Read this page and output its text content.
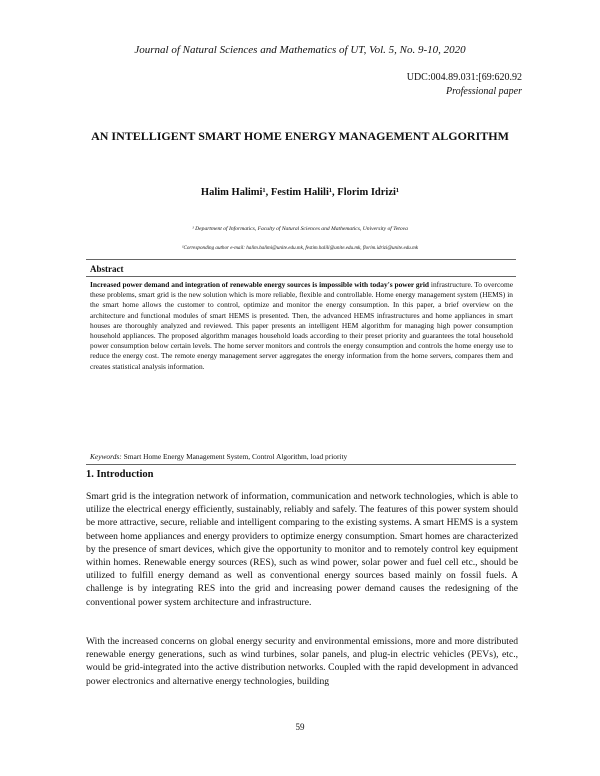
Journal of Natural Sciences and Mathematics of UT, Vol. 5, No. 9-10, 2020
UDC:004.89.031:[69:620.92
Professional paper
AN INTELLIGENT SMART HOME ENERGY MANAGEMENT ALGORITHM
Halim Halimi¹, Festim Halili¹, Florim Idrizi¹
¹ Department of Informatics, Faculty of Natural Sciences and Mathematics, University of Tetova
¹Corresponding author e-mail: halim.halimi@unite.edu.mk, festim.halili@unite.edu.mk, florim.idrizi@unite.edu.mk
Abstract

Increased power demand and integration of renewable energy sources is impossible with today's power grid infrastructure. To overcome these problems, smart grid is the new solution which is more reliable, flexible and controllable. Home energy management system (HEMS) in the smart home allows the customer to control, optimize and monitor the energy consumption. In this paper, a brief overview on the architecture and functional modules of smart HEMS is presented. Then, the advanced HEMS infrastructures and home appliances in smart houses are thoroughly analyzed and reviewed. This paper presents an intelligent HEM algorithm for managing high power consumption household appliances. The proposed algorithm manages household loads according to their preset priority and guarantees the total household power consumption below certain levels. The home server monitors and controls the energy consumption and controls the home energy use to reduce the energy cost. The remote energy management server aggregates the energy information from the home servers, compares them and creates statistical analysis information.

Keywords: Smart Home Energy Management System, Control Algorithm, load priority
1. Introduction

Smart grid is the integration network of information, communication and network technologies, which is able to utilize the electrical energy efficiently, sustainably, reliably and safely. The features of this power system should be more attractive, secure, reliable and intelligent comparing to the existing systems. A smart HEMS is a system between home appliances and energy providers to optimize energy consumption. Smart homes are characterized by the presence of smart devices, which give the opportunity to monitor and to remotely control key equipment within homes. Renewable energy sources (RES), such as wind power, solar power and fuel cell etc., should be utilized to fulfill energy demand as well as conventional energy sources based mainly on fossil fuels. A challenge is by integrating RES into the grid and increasing power demand causes the redesigning of the conventional power system architecture and infrastructure.

With the increased concerns on global energy security and environmental emissions, more and more distributed renewable energy generations, such as wind turbines, solar panels, and plug-in electric vehicles (PEVs), etc., would be grid-integrated into the active distribution networks. Coupled with the rapid development in advanced power electronics and alternative energy technologies, building

59
